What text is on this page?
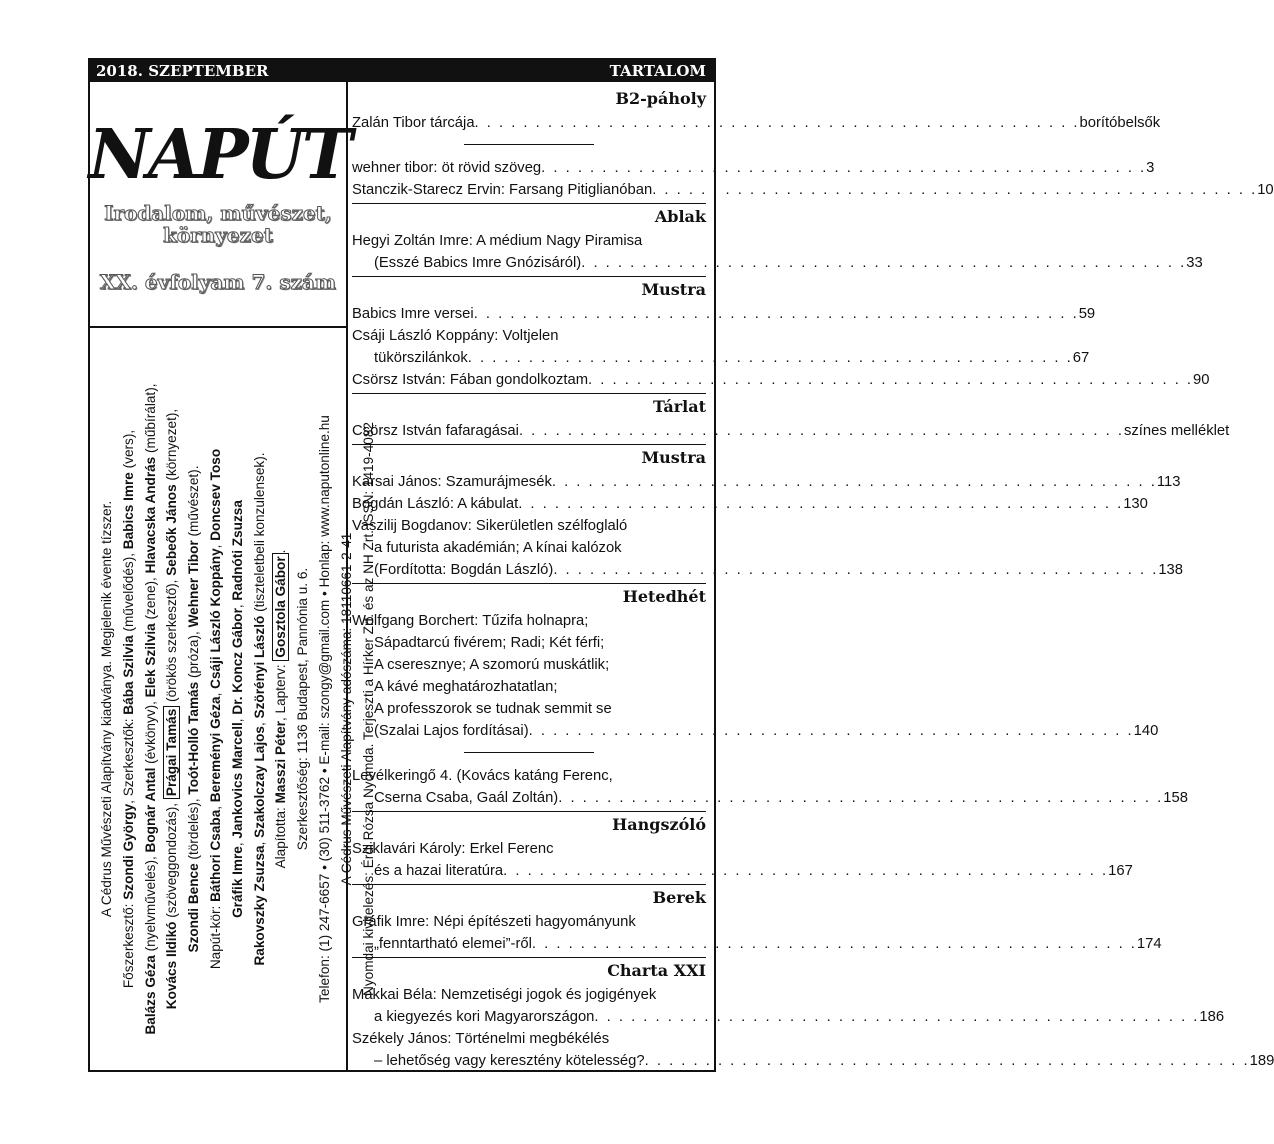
2018. SZEPTEMBER	TARTALOM
NAPÚT
Irodalom, művészet,
környezet
XX. évfolyam 7. szám

A Cédrus Művészeti Alapítvány kiadványa. Megjelenik évente tízszer.

Főszerkesztő: Szondi György, Szerkesztők: Bába Szilvia (művelődés), Babics Imre (vers),

Balázs Géza (nyelvművelés), Bognár Antal (évkönyv), Elek Szilvia (zene), Hlavacska András (műbírálat),

Kovács Ildikó (szöveggondozás), Prágai Tamás (örökös szerkesztő), Sebeők János (környezet),

Szondi Bence (tördelés), Toót-Holló Tamás (próza), Wehner Tibor (művészet).

Napút-kör: Báthori Csaba, Bereményi Géza, Csáji László Koppány, Doncsev Toso

Gráfik Imre, Jankovics Marcell, Dr. Koncz Gábor, Radnóti Zsuzsa

Rakovszky Zsuzsa, Szakolczay Lajos, Szörényi László (tiszteletbeli konzulensek).

Alapította: Masszi Péter, Lapterv: Gosztola Gábor.

Szerkesztőség: 1136 Budapest, Pannónia u. 6. Telefon: (1) 247-6657 • (30) 511-3762 • E-mail: szongy@gmail.com • Honlap: www.naputonline.hu A Cédrus Művészeti Alapítvány adószáma: 18110661-2-41 Nyomdai kivitelezés: Érdi Rózsa Nyomda. Terjeszti a Hírker Zrt. és az NH Zrt. ISSN: 1419-4082

B2-páholy
Zalán Tibor tárcája . . .	borítóbelsők
wehner tibor: öt rövid szöveg . . .	3
Stanczik-Starecz Ervin: Farsang Pitiglianóban . . .	10
Ablak
Hegyi Zoltán Imre: A médium Nagy Piramisa
(Esszé Babics Imre Gnózisáról) . . .	33
Mustra
Babics Imre versei . . .	59
Csáji László Koppány: Voltjelen
tükörszilánkok . . .	67
Csörsz István: Fában gondolkoztam . . .	90
Tárlat
Csörsz István fafaragásai . . .	színes melléklet
Mustra
Karsai János: Szamurájmesék . . .	113
Bogdán László: A kábulat . . .	130
Vaszilij Bogdanov: Sikerületlen szélfoglaló
a futurista akadémián; A kínai kalózok
(Fordította: Bogdán László) . . .	138
Hetedhét
Wolfgang Borchert: Tűzifa holnapra;
Sápadtarcú fivérem; Radi; Két férfi;
A cseresznye; A szomorú muskátlik;
A kávé meghatározhatatlan;
A professzorok se tudnak semmit se
(Szalai Lajos fordításai) . . .	140
Levélkeringő 4. (Kovács katáng Ferenc,
Cserna Csaba, Gaál Zoltán) . . .	158
Hangszóló
Sziklavári Károly: Erkel Ferenc
és a hazai literatúra . . .	167
Berek
Gráfik Imre: Népi építészeti hagyományunk
„fenntartható elemei”-ről . . .	174
Charta XXI
Makkai Béla: Nemzetiségi jogok és jogigények
a kiegyezés kori Magyarországon . . .	186
Székely János: Történelmi megbékélés
– lehetőség vagy keresztény kötelesség? . . .	189
